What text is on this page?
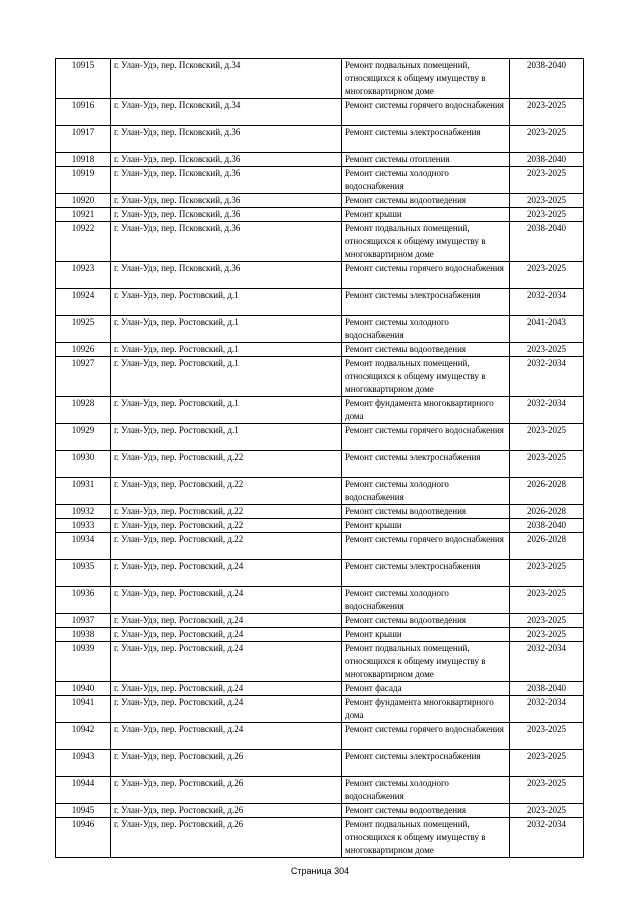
10915	г. Улан-Удэ, пер. Псковский, д.34	Ремонт подвальных помещений, относящихся к общему имуществу в многоквартирном доме	2038-2040
10916	г. Улан-Удэ, пер. Псковский, д.34	Ремонт системы горячего водоснабжения	2023-2025
10917	г. Улан-Удэ, пер. Псковский, д.36	Ремонт системы электроснабжения	2023-2025
10918	г. Улан-Удэ, пер. Псковский, д.36	Ремонт системы отопления	2038-2040
10919	г. Улан-Удэ, пер. Псковский, д.36	Ремонт системы холодного водоснабжения	2023-2025
10920	г. Улан-Удэ, пер. Псковский, д.36	Ремонт системы водоотведения	2023-2025
10921	г. Улан-Удэ, пер. Псковский, д.36	Ремонт крыши	2023-2025
10922	г. Улан-Удэ, пер. Псковский, д.36	Ремонт подвальных помещений, относящихся к общему имуществу в многоквартирном доме	2038-2040
10923	г. Улан-Удэ, пер. Псковский, д.36	Ремонт системы горячего водоснабжения	2023-2025
10924	г. Улан-Удэ, пер. Ростовский, д.1	Ремонт системы электроснабжения	2032-2034
10925	г. Улан-Удэ, пер. Ростовский, д.1	Ремонт системы холодного водоснабжения	2041-2043
10926	г. Улан-Удэ, пер. Ростовский, д.1	Ремонт системы водоотведения	2023-2025
10927	г. Улан-Удэ, пер. Ростовский, д.1	Ремонт подвальных помещений, относящихся к общему имуществу в многоквартирном доме	2032-2034
10928	г. Улан-Удэ, пер. Ростовский, д.1	Ремонт фундамента многоквартирного дома	2032-2034
10929	г. Улан-Удэ, пер. Ростовский, д.1	Ремонт системы горячего водоснабжения	2023-2025
10930	г. Улан-Удэ, пер. Ростовский, д.22	Ремонт системы электроснабжения	2023-2025
10931	г. Улан-Удэ, пер. Ростовский, д.22	Ремонт системы холодного водоснабжения	2026-2028
10932	г. Улан-Удэ, пер. Ростовский, д.22	Ремонт системы водоотведения	2026-2028
10933	г. Улан-Удэ, пер. Ростовский, д.22	Ремонт крыши	2038-2040
10934	г. Улан-Удэ, пер. Ростовский, д.22	Ремонт системы горячего водоснабжения	2026-2028
10935	г. Улан-Удэ, пер. Ростовский, д.24	Ремонт системы электроснабжения	2023-2025
10936	г. Улан-Удэ, пер. Ростовский, д.24	Ремонт системы холодного водоснабжения	2023-2025
10937	г. Улан-Удэ, пер. Ростовский, д.24	Ремонт системы водоотведения	2023-2025
10938	г. Улан-Удэ, пер. Ростовский, д.24	Ремонт крыши	2023-2025
10939	г. Улан-Удэ, пер. Ростовский, д.24	Ремонт подвальных помещений, относящихся к общему имуществу в многоквартирном доме	2032-2034
10940	г. Улан-Удэ, пер. Ростовский, д.24	Ремонт фасада	2038-2040
10941	г. Улан-Удэ, пер. Ростовский, д.24	Ремонт фундамента многоквартирного дома	2032-2034
10942	г. Улан-Удэ, пер. Ростовский, д.24	Ремонт системы горячего водоснабжения	2023-2025
10943	г. Улан-Удэ, пер. Ростовский, д.26	Ремонт системы электроснабжения	2023-2025
10944	г. Улан-Удэ, пер. Ростовский, д.26	Ремонт системы холодного водоснабжения	2023-2025
10945	г. Улан-Удэ, пер. Ростовский, д.26	Ремонт системы водоотведения	2023-2025
10946	г. Улан-Удэ, пер. Ростовский, д.26	Ремонт подвальных помещений, относящихся к общему имуществу в многоквартирном доме	2032-2034
Страница 304
